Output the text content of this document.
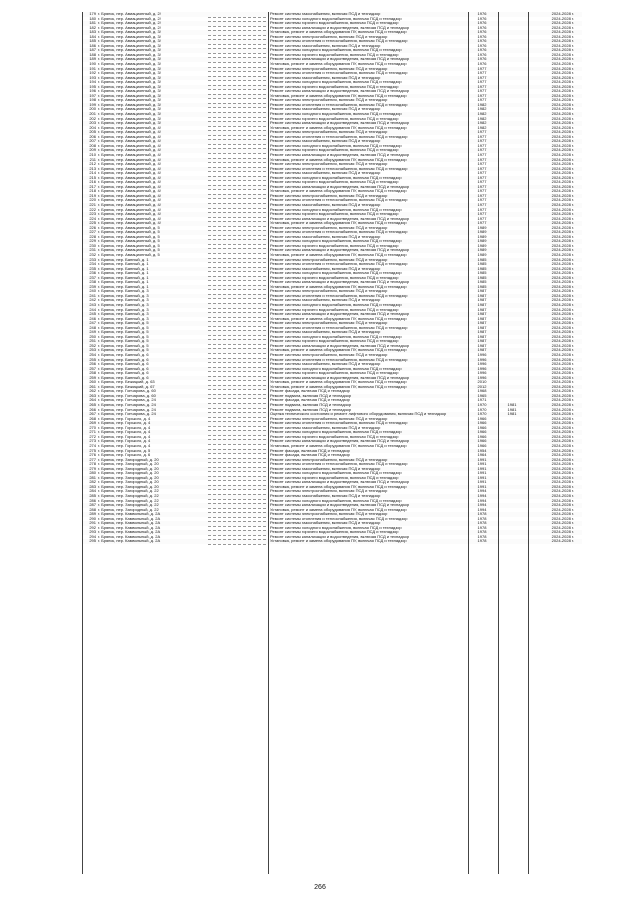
179 г. Брянск, пер. Авиационный, д. 2/	Ремонт системы газоснабжения, включая ПСД и технадзор	1976	2024-2028 г.
180 г. Брянск, пер. Авиационный, д. 2/	Ремонт системы холодного водоснабжения, включая ПСД и технадзор	1976	2024-2028 г.
181 г. Брянск, пер. Авиационный, д. 2/	Ремонт системы горячего водоснабжения, включая ПСД и технадзор	1976	2024-2028 г.
182 г. Брянск, пер. Авиационный, д. 2/	Ремонт системы канализации и водоотведения, включая ПСД и технадзор	1976	2024-2028 г.
183 г. Брянск, пер. Авиационный, д. 3/	Установка, ремонт и замена оборудования ПУ, включая ПСД и технадзор	1976	2024-2028 г.
184 г. Брянск, пер. Авиационный, д. 3/	Ремонт системы электроснабжения, включая ПСД и технадзор	1976	2024-2028 г.
185 г. Брянск, пер. Авиационный, д. 3/	Ремонт системы отопления и теплоснабжения, включая ПСД и технадзор	1976	2024-2028 г.
186 г. Брянск, пер. Авиационный, д. 3/	Ремонт системы газоснабжения, включая ПСД и технадзор	1976	2024-2028 г.
187 г. Брянск, пер. Авиационный, д. 3/	Ремонт системы холодного водоснабжения, включая ПСД и технадзор	1976	2024-2028 г.
188 г. Брянск, пер. Авиационный, д. 3/	Ремонт системы горячего водоснабжения, включая ПСД и технадзор	1976	2024-2028 г.
189 г. Брянск, пер. Авиационный, д. 3/	Ремонт системы канализации и водоотведения, включая ПСД и технадзор	1976	2024-2028 г.
190 г. Брянск, пер. Авиационный, д. 3/	Установка, ремонт и замена оборудования ПУ, включая ПСД и технадзор	1976	2024-2028 г.
191 г. Брянск, пер. Авиационный, д. 3/	Ремонт системы электроснабжения, включая ПСД и технадзор	1977	2024-2028 г.
192 г. Брянск, пер. Авиационный, д. 3/	Ремонт системы отопления и теплоснабжения, включая ПСД и технадзор	1977	2024-2028 г.
193 г. Брянск, пер. Авиационный, д. 3/	Ремонт системы газоснабжения, включая ПСД и технадзор	1977	2024-2028 г.
194 г. Брянск, пер. Авиационный, д. 3/	Ремонт системы холодного водоснабжения, включая ПСД и технадзор	1977	2024-2028 г.
195 г. Брянск, пер. Авиационный, д. 3/	Ремонт системы горячего водоснабжения, включая ПСД и технадзор	1977	2024-2028 г.
196 г. Брянск, пер. Авиационный, д. 3/	Ремонт системы канализации и водоотведения, включая ПСД и технадзор	1977	2024-2028 г.
197 г. Брянск, пер. Авиационный, д. 3/	Установка, ремонт и замена оборудования ПУ, включая ПСД и технадзор	1977	2024-2028 г.
198 г. Брянск, пер. Авиационный, д. 3/	Ремонт системы электроснабжения, включая ПСД и технадзор	1977	2024-2028 г.
199 г. Брянск, пер. Авиационный, д. 3/	Ремонт системы отопления и теплоснабжения, включая ПСД и технадзор	1982	2024-2028 г.
200 г. Брянск, пер. Авиационный, д. 3/	Ремонт системы газоснабжения, включая ПСД и технадзор	1982	2024-2028 г.
201 г. Брянск, пер. Авиационный, д. 3/	Ремонт системы холодного водоснабжения, включая ПСД и технадзор	1982	2024-2028 г.
202 г. Брянск, пер. Авиационный, д. 3/	Ремонт системы горячего водоснабжения, включая ПСД и технадзор	1982	2024-2028 г.
203 г. Брянск, пер. Авиационный, д. 3/	Ремонт системы канализации и водоотведения, включая ПСД и технадзор	1982	2024-2028 г.
204 г. Брянск, пер. Авиационный, д. 4/	Установка, ремонт и замена оборудования ПУ, включая ПСД и технадзор	1982	2024-2028 г.
205 г. Брянск, пер. Авиационный, д. 4/	Ремонт системы электроснабжения, включая ПСД и технадзор	1977	2024-2028 г.
206 г. Брянск, пер. Авиационный, д. 4/	Ремонт системы отопления и теплоснабжения, включая ПСД и технадзор	1977	2024-2028 г.
207 г. Брянск, пер. Авиационный, д. 4/	Ремонт системы газоснабжения, включая ПСД и технадзор	1977	2024-2028 г.
208 г. Брянск, пер. Авиационный, д. 4/	Ремонт системы холодного водоснабжения, включая ПСД и технадзор	1977	2024-2028 г.
209 г. Брянск, пер. Авиационный, д. 4/	Ремонт системы горячего водоснабжения, включая ПСД и технадзор	1977	2024-2028 г.
210 г. Брянск, пер. Авиационный, д. 4/	Ремонт системы канализации и водоотведения, включая ПСД и технадзор	1977	2024-2028 г.
211 г. Брянск, пер. Авиационный, д. 4/	Установка, ремонт и замена оборудования ПУ, включая ПСД и технадзор	1977	2024-2028 г.
212 г. Брянск, пер. Авиационный, д. 4/	Ремонт системы электроснабжения, включая ПСД и технадзор	1977	2024-2028 г.
213 г. Брянск, пер. Авиационный, д. 4/	Ремонт системы отопления и теплоснабжения, включая ПСД и технадзор	1977	2024-2028 г.
214 г. Брянск, пер. Авиационный, д. 4/	Ремонт системы газоснабжения, включая ПСД и технадзор	1977	2024-2028 г.
215 г. Брянск, пер. Авиационный, д. 4/	Ремонт системы холодного водоснабжения, включая ПСД и технадзор	1977	2024-2028 г.
216 г. Брянск, пер. Авиационный, д. 4/	Ремонт системы горячего водоснабжения, включая ПСД и технадзор	1977	2024-2028 г.
217 г. Брянск, пер. Авиационный, д. 4/	Ремонт системы канализации и водоотведения, включая ПСД и технадзор	1977	2024-2028 г.
218 г. Брянск, пер. Авиационный, д. 4/	Установка, ремонт и замена оборудования ПУ, включая ПСД и технадзор	1977	2024-2028 г.
219 г. Брянск, пер. Авиационный, д. 4/	Ремонт системы электроснабжения, включая ПСД и технадзор	1977	2024-2028 г.
220 г. Брянск, пер. Авиационный, д. 4/	Ремонт системы отопления и теплоснабжения, включая ПСД и технадзор	1977	2024-2028 г.
221 г. Брянск, пер. Авиационный, д. 4/	Ремонт системы газоснабжения, включая ПСД и технадзор	1977	2024-2028 г.
222 г. Брянск, пер. Авиационный, д. 4/	Ремонт системы холодного водоснабжения, включая ПСД и технадзор	1977	2024-2028 г.
223 г. Брянск, пер. Авиационный, д. 4/	Ремонт системы горячего водоснабжения, включая ПСД и технадзор	1977	2024-2028 г.
224 г. Брянск, пер. Авиационный, д. 4/	Ремонт системы канализации и водоотведения, включая ПСД и технадзор	1977	2024-2028 г.
225 г. Брянск, пер. Авиационный, д. 4/	Установка, ремонт и замена оборудования ПУ, включая ПСД и технадзор	1977	2024-2028 г.
226 г. Брянск, пер. Авиационный, д. 5	Ремонт системы электроснабжения, включая ПСД и технадзор	1989	2024-2028 г.
227 г. Брянск, пер. Авиационный, д. 5	Ремонт системы отопления и теплоснабжения, включая ПСД и технадзор	1989	2024-2028 г.
228 г. Брянск, пер. Авиационный, д. 5	Ремонт системы газоснабжения, включая ПСД и технадзор	1989	2024-2028 г.
229 г. Брянск, пер. Авиационный, д. 5	Ремонт системы холодного водоснабжения, включая ПСД и технадзор	1989	2024-2028 г.
230 г. Брянск, пер. Авиационный, д. 5	Ремонт системы горячего водоснабжения, включая ПСД и технадзор	1989	2024-2028 г.
231 г. Брянск, пер. Авиационный, д. 5	Ремонт системы канализации и водоотведения, включая ПСД и технадзор	1989	2024-2028 г.
232 г. Брянск, пер. Авиационный, д. 5	Установка, ремонт и замена оборудования ПУ, включая ПСД и технадзор	1989	2024-2028 г.
233 г. Брянск, пер. Банный, д. 1	Ремонт системы электроснабжения, включая ПСД и технадзор	1985	2024-2028 г.
234 г. Брянск, пер. Банный, д. 1	Ремонт системы отопления и теплоснабжения, включая ПСД и технадзор	1985	2024-2028 г.
235 г. Брянск, пер. Банный, д. 1	Ремонт системы газоснабжения, включая ПСД и технадзор	1985	2024-2028 г.
236 г. Брянск, пер. Банный, д. 1	Ремонт системы холодного водоснабжения, включая ПСД и технадзор	1985	2024-2028 г.
237 г. Брянск, пер. Банный, д. 1	Ремонт системы горячего водоснабжения, включая ПСД и технадзор	1985	2024-2028 г.
238 г. Брянск, пер. Банный, д. 1	Ремонт системы канализации и водоотведения, включая ПСД и технадзор	1985	2024-2028 г.
239 г. Брянск, пер. Банный, д. 1	Установка, ремонт и замена оборудования ПУ, включая ПСД и технадзор	1985	2024-2028 г.
240 г. Брянск, пер. Банный, д. 3	Ремонт системы электроснабжения, включая ПСД и технадзор	1987	2024-2028 г.
241 г. Брянск, пер. Банный, д. 3	Ремонт системы отопления и теплоснабжения, включая ПСД и технадзор	1987	2024-2028 г.
242 г. Брянск, пер. Банный, д. 3	Ремонт системы газоснабжения, включая ПСД и технадзор	1987	2024-2028 г.
243 г. Брянск, пер. Банный, д. 3	Ремонт системы холодного водоснабжения, включая ПСД и технадзор	1987	2024-2028 г.
244 г. Брянск, пер. Банный, д. 3	Ремонт системы горячего водоснабжения, включая ПСД и технадзор	1987	2024-2028 г.
245 г. Брянск, пер. Банный, д. 3	Ремонт системы канализации и водоотведения, включая ПСД и технадзор	1987	2024-2028 г.
246 г. Брянск, пер. Банный, д. 3	Установка, ремонт и замена оборудования ПУ, включая ПСД и технадзор	1987	2024-2028 г.
247 г. Брянск, пер. Банный, д. 5	Ремонт системы электроснабжения, включая ПСД и технадзор	1987	2024-2028 г.
248 г. Брянск, пер. Банный, д. 5	Ремонт системы отопления и теплоснабжения, включая ПСД и технадзор	1987	2024-2028 г.
249 г. Брянск, пер. Банный, д. 5	Ремонт системы газоснабжения, включая ПСД и технадзор	1987	2024-2028 г.
250 г. Брянск, пер. Банный, д. 5	Ремонт системы холодного водоснабжения, включая ПСД и технадзор	1987	2024-2028 г.
251 г. Брянск, пер. Банный, д. 5	Ремонт системы горячего водоснабжения, включая ПСД и технадзор	1987	2024-2028 г.
252 г. Брянск, пер. Банный, д. 5	Ремонт системы канализации и водоотведения, включая ПСД и технадзор	1987	2024-2028 г.
253 г. Брянск, пер. Банный, д. 5	Установка, ремонт и замена оборудования ПУ, включая ПСД и технадзор	1987	2024-2028 г.
254 г. Брянск, пер. Банный, д. 6	Ремонт системы электроснабжения, включая ПСД и технадзор	1996	2024-2028 г.
255 г. Брянск, пер. Банный, д. 6	Ремонт системы отопления и теплоснабжения, включая ПСД и технадзор	1996	2024-2028 г.
256 г. Брянск, пер. Банный, д. 6	Ремонт системы газоснабжения, включая ПСД и технадзор	1996	2024-2028 г.
257 г. Брянск, пер. Банный, д. 6	Ремонт системы холодного водоснабжения, включая ПСД и технадзор	1996	2024-2028 г.
258 г. Брянск, пер. Банный, д. 6	Ремонт системы горячего водоснабжения, включая ПСД и технадзор	1996	2024-2028 г.
259 г. Брянск, пер. Банный, д. 6	Ремонт системы канализации и водоотведения, включая ПСД и технадзор	1996	2024-2028 г.
260 г. Брянск, пер. Бежицкий, д. 63	Установка, ремонт и замена оборудования ПУ, включая ПСД и технадзор	2010	2024-2028 г.
261 г. Брянск, пер. Бежицкий, д. 67	Установка, ремонт и замена оборудования ПУ, включая ПСД и технадзор	2012	2024-2028 г.
262 г. Брянск, пер. Гончарова, д. 60	Ремонт фасада, включая ПСД и технадзор	1968	2024-2028 г.
263 г. Брянск, пер. Гончарова, д. 60	Ремонт подвала, включая ПСД и технадзор	1965	2024-2028 г.
264 г. Брянск, пер. Гончарова, д. 24	Ремонт фасада, включая ПСД и технадзор	1971	2024-2028 г.
265 г. Брянск, пер. Гончарова, д. 24	Ремонт подвала, включая ПСД и технадзор	1970	1981	2024-2028 г.
266 г. Брянск, пер. Гончарова, д. 24	Ремонт подвала, включая ПСД и технадзор	1970	1981	2024-2028 г.
267 г. Брянск, пер. Гончарова, д. 24	Оценка технического состояния и ремонт лифтового оборудования, включая ПСД и технадзор	1970	1981	2024-2028 г.
268 г. Брянск, пер. Горького, д. 4	Ремонт системы электроснабжения, включая ПСД и технадзор	1966	2024-2028 г.
269 г. Брянск, пер. Горького, д. 4	Ремонт системы отопления и теплоснабжения, включая ПСД и технадзор	1966	2024-2028 г.
270 г. Брянск, пер. Горького, д. 4	Ремонт системы газоснабжения, включая ПСД и технадзор	1966	2024-2028 г.
271 г. Брянск, пер. Горького, д. 4	Ремонт системы холодного водоснабжения, включая ПСД и технадзор	1966	2024-2028 г.
272 г. Брянск, пер. Горького, д. 4	Ремонт системы горячего водоснабжения, включая ПСД и технадзор	1966	2024-2028 г.
273 г. Брянск, пер. Горького, д. 4	Ремонт системы канализации и водоотведения, включая ПСД и технадзор	1966	2024-2028 г.
274 г. Брянск, пер. Горького, д. 4	Установка, ремонт и замена оборудования ПУ, включая ПСД и технадзор	1966	2024-2028 г.
275 г. Брянск, пер. Горького, д. 5	Ремонт фасада, включая ПСД и технадзор	1954	2024-2028 г.
276 г. Брянск, пер. Горького, д. 6	Ремонт фасада, включая ПСД и технадзор	1964	2024-2028 г.
277 г. Брянск, пер. Загородный, д. 20	Ремонт системы электроснабжения, включая ПСД и технадзор	1991	2024-2028 г.
278 г. Брянск, пер. Загородный, д. 20	Ремонт системы отопления и теплоснабжения, включая ПСД и технадзор	1991	2024-2028 г.
279 г. Брянск, пер. Загородный, д. 20	Ремонт системы газоснабжения, включая ПСД и технадзор	1991	2024-2028 г.
280 г. Брянск, пер. Загородный, д. 20	Ремонт системы холодного водоснабжения, включая ПСД и технадзор	1991	2024-2028 г.
281 г. Брянск, пер. Загородный, д. 20	Ремонт системы горячего водоснабжения, включая ПСД и технадзор	1991	2024-2028 г.
282 г. Брянск, пер. Загородный, д. 20	Ремонт системы канализации и водоотведения, включая ПСД и технадзор	1991	2024-2028 г.
283 г. Брянск, пер. Загородный, д. 20	Установка, ремонт и замена оборудования ПУ, включая ПСД и технадзор	1991	2024-2028 г.
284 г. Брянск, пер. Загородный, д. 22	Ремонт системы электроснабжения, включая ПСД и технадзор	1994	2024-2028 г.
285 г. Брянск, пер. Загородный, д. 22	Ремонт системы газоснабжения, включая ПСД и технадзор	1994	2024-2028 г.
286 г. Брянск, пер. Загородный, д. 22	Ремонт системы холодного водоснабжения, включая ПСД и технадзор	1994	2024-2028 г.
287 г. Брянск, пер. Загородный, д. 22	Ремонт системы канализации и водоотведения, включая ПСД и технадзор	1994	2024-2028 г.
288 г. Брянск, пер. Загородный, д. 22	Установка, ремонт и замена оборудования ПУ, включая ПСД и технадзор	1994	2024-2028 г.
289 г. Брянск, пер. Камвольный, д. 2А	Ремонт системы электроснабжения, включая ПСД и технадзор	1978	2024-2028 г.
290 г. Брянск, пер. Камвольный, д. 2А	Ремонт системы отопления и теплоснабжения, включая ПСД и технадзор	1978	2024-2028 г.
291 г. Брянск, пер. Камвольный, д. 2А	Ремонт системы газоснабжения, включая ПСД и технадзор	1978	2024-2028 г.
292 г. Брянск, пер. Камвольный, д. 2А	Ремонт системы холодного водоснабжения, включая ПСД и технадзор	1978	2024-2028 г.
293 г. Брянск, пер. Камвольный, д. 2А	Ремонт системы горячего водоснабжения, включая ПСД и технадзор	1978	2024-2028 г.
294 г. Брянск, пер. Камвольный, д. 2А	Ремонт системы канализации и водоотведения, включая ПСД и технадзор	1978	2024-2028 г.
295 г. Брянск, пер. Камвольный, д. 2А	Установка, ремонт и замена оборудования ПУ, включая ПСД и технадзор	1978	2024-2028 г.
266
